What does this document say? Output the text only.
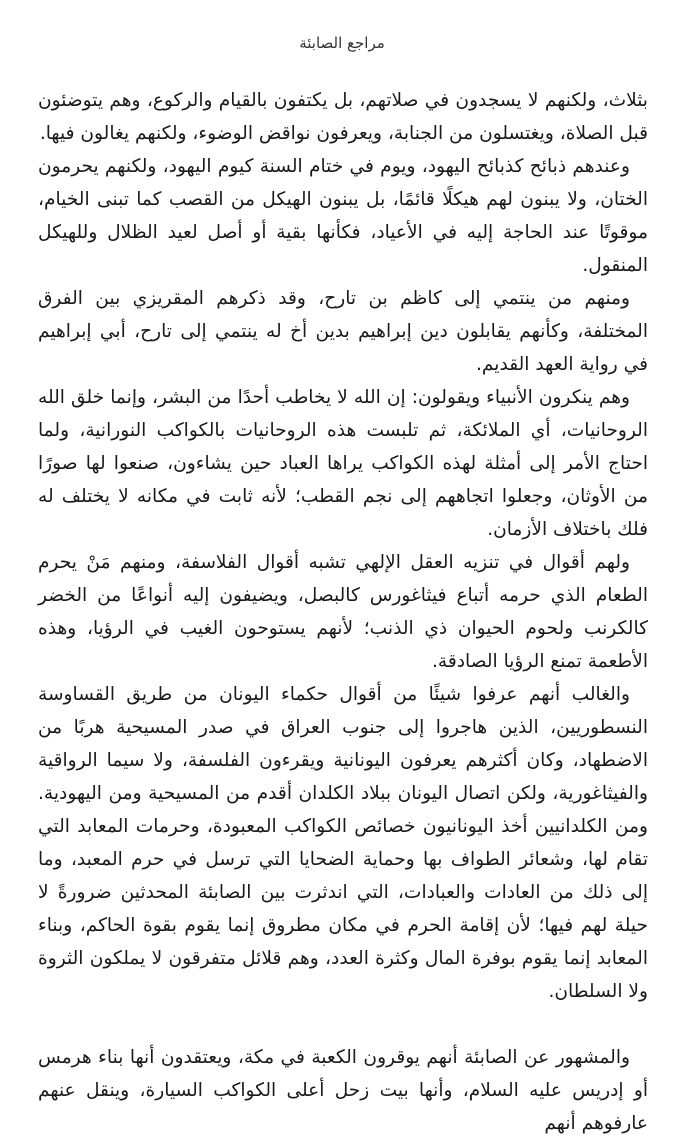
مراجع الصابئة

بثلاث، ولكنهم لا يسجدون في صلاتهم، بل يكتفون بالقيام والركوع، وهم يتوضئون قبل الصلاة، ويغتسلون من الجنابة، ويعرفون نواقض الوضوء، ولكنهم يغالون فيها.

وعندهم ذبائح كذبائح اليهود، ويوم في ختام السنة كيوم اليهود، ولكنهم يحرمون الختان، ولا يبنون لهم هيكلًا قائمًا، بل يبنون الهيكل من القصب كما تبنى الخيام، موقوتًا عند الحاجة إليه في الأعياد، فكأنها بقية أو أصل لعيد الظلال وللهيكل المنقول.

ومنهم من ينتمي إلى كاظم بن تارح، وقد ذكرهم المقريزي بين الفرق المختلفة، وكأنهم يقابلون دين إبراهيم بدين أخ له ينتمي إلى تارح، أبي إبراهيم في رواية العهد القديم.

وهم ينكرون الأنبياء ويقولون: إن الله لا يخاطب أحدًا من البشر، وإنما خلق الله الروحانيات، أي الملائكة، ثم تلبست هذه الروحانيات بالكواكب النورانية، ولما احتاج الأمر إلى أمثلة لهذه الكواكب يراها العباد حين يشاءون، صنعوا لها صورًا من الأوثان، وجعلوا اتجاههم إلى نجم القطب؛ لأنه ثابت في مكانه لا يختلف له فلك باختلاف الأزمان.

ولهم أقوال في تنزيه العقل الإلهي تشبه أقوال الفلاسفة، ومنهم مَنْ يحرم الطعام الذي حرمه أتباع فيثاغورس كالبصل، ويضيفون إليه أنواعًا من الخضر كالكرنب ولحوم الحيوان ذي الذنب؛ لأنهم يستوحون الغيب في الرؤيا، وهذه الأطعمة تمنع الرؤيا الصادقة.

والغالب أنهم عرفوا شيئًا من أقوال حكماء اليونان من طريق القساوسة النسطوريين، الذين هاجروا إلى جنوب العراق في صدر المسيحية هربًا من الاضطهاد، وكان أكثرهم يعرفون اليونانية ويقرءون الفلسفة، ولا سيما الرواقية والفيثاغورية، ولكن اتصال اليونان ببلاد الكلدان أقدم من المسيحية ومن اليهودية. ومن الكلدانيين أخذ اليونانيون خصائص الكواكب المعبودة، وحرمات المعابد التي تقام لها، وشعائر الطواف بها وحماية الضحايا التي ترسل في حرم المعبد، وما إلى ذلك من العادات والعبادات، التي اندثرت بين الصابئة المحدثين ضرورةً لا حيلة لهم فيها؛ لأن إقامة الحرم في مكان مطروق إنما يقوم بقوة الحاكم، وبناء المعابد إنما يقوم بوفرة المال وكثرة العدد، وهم قلائل متفرقون لا يملكون الثروة ولا السلطان.

والمشهور عن الصابئة أنهم يوقرون الكعبة في مكة، ويعتقدون أنها بناء هرمس أو إدريس عليه السلام، وأنها بيت زحل أعلى الكواكب السيارة، وينقل عنهم عارفوهم أنهم
